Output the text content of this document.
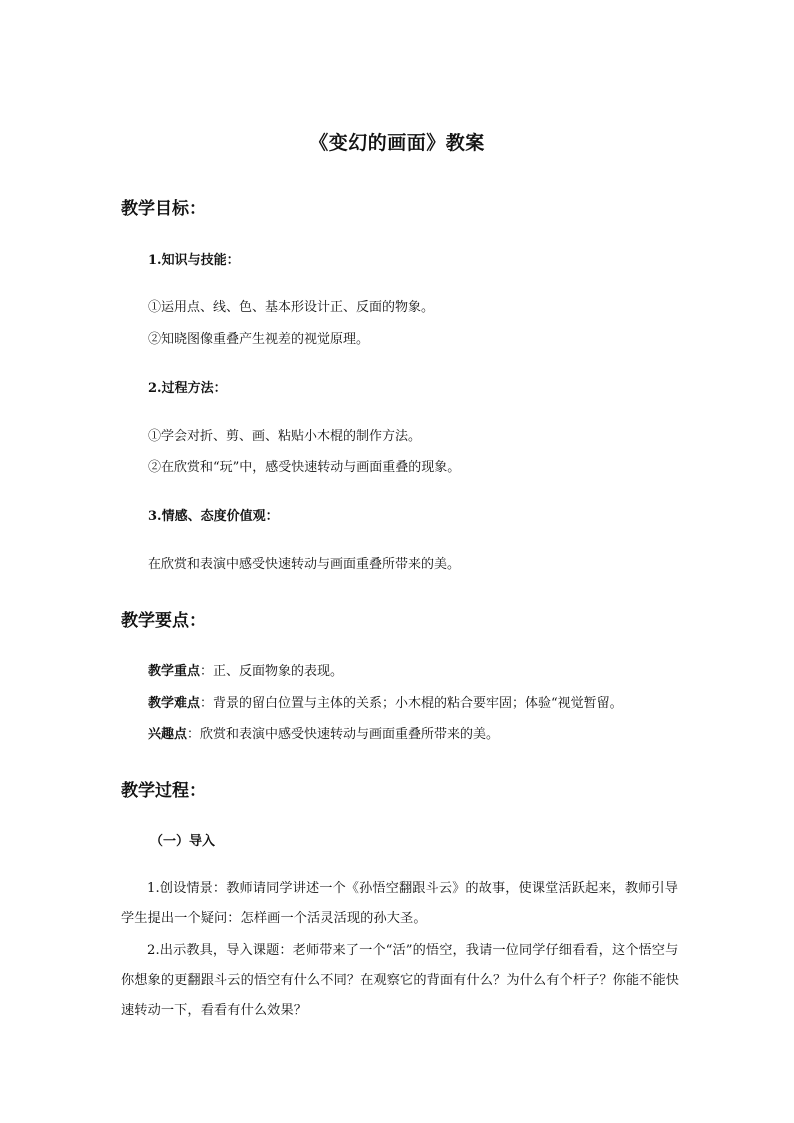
《变幻的画面》教案
教学目标：
1.知识与技能：
①运用点、线、色、基本形设计正、反面的物象。
②知晓图像重叠产生视差的视觉原理。
2.过程方法：
①学会对折、剪、画、粘贴小木棍的制作方法。
②在欣赏和“玩”中，感受快速转动与画面重叠的现象。
3.情感、态度价值观：
在欣赏和表演中感受快速转动与画面重叠所带来的美。
教学要点：
教学重点：正、反面物象的表现。
教学难点：背景的留白位置与主体的关系；小木棍的粘合要牢固；体验“视觉暂留。
兴趣点：欣赏和表演中感受快速转动与画面重叠所带来的美。
教学过程：
（一）导入
1.创设情景：教师请同学讲述一个《孙悟空翻跟斗云》的故事，使课堂活跃起来，教师引导学生提出一个疑问：怎样画一个活灵活现的孙大圣。
2.出示教具，导入课题：老师带来了一个“活”的悟空，我请一位同学仔细看看，这个悟空与你想象的更翻跟斗云的悟空有什么不同？在观察它的背面有什么？为什么有个杆子？你能不能快速转动一下，看看有什么效果？
